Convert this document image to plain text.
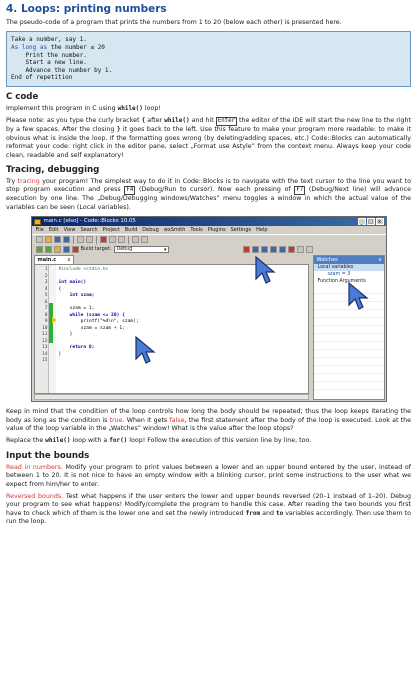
4. Loops: printing numbers

The pseudo-code of a program that prints the numbers from 1 to 20 (below each other) is presented here.

Take a number, say 1.
As long as the number ≤ 20
Print the number.
Start a new line.
Advance the number by 1.
End of repetition
C code

Implement this program in C using while() loop!

Please note: as you type the curly bracket { after while() and hit Enter the editor of the IDE will start the new line to the right by a few spaces. After the closing } it goes back to the left. Use this feature to make your program more readable: to make it obvious what is inside the loop. If the formatting goes wrong (by deleting/adding spaces, etc.) Code::Blocks can automatically reformat your code: right click in the editor pane, select „Format use Astyle” from the context menu. Always keep your code clean, readable and self explanatory!

Tracing, debugging

Try tracing your program! The simplest way to do it in Code::Blocks is to navigate with the text cursor to the line you want to stop program execution and press F4 (Debug/Run to cursor). Now each pressing of F7 (Debug/Next line) will advance execution by one line. The „Debug/Debugging windows/Watches” menu toggles a window in which the actual value of the variables can be seen (Local variables).

main.c [elso] - Code::Blocks 10.05	_	□	x
File Edit View Search Project Build Debug wxSmith Tools Plugins Settings Help
Build target:	Debug ▾
main.c x
1
2
3
4
5
6
7
8
9
10
11
12
13
14
15
#include <stdio.h>
int main()
{
int szam;
szam = 1;
while (szam <= 20) {
printf("%d\n", szam);
szam = szam + 1;
}
return 0;
}
Watches	x
Local variables
szam = 3
Function Arguments

Keep in mind that the condition of the loop controls how long the body should be repeated; thus the loop keeps iterating the body as long as the condition is true. When it gets false, the first statement after the body of the loop is executed. Look at the value of the loop variable in the „Watches” window! What is the value after the loop stops?

Replace the while() loop with a for() loop! Follow the execution of this version line by line, too.

Input the bounds

Read in numbers. Modify your program to print values between a lower and an upper bound entered by the user, instead of between 1 to 20. It is not nice to have an empty window with a blinking cursor, print some instructions to the user what we expect from him/her to enter.

Reversed bounds. Test what happens if the user enters the lower and upper bounds reversed (20–1 instead of 1–20). Debug your program to see what happens! Modify/complete the program to handle this case. After reading the two bounds you first have to check which of them is the lower one and set the newly introduced from and to variables accordingly. Then use them to run the loop.
